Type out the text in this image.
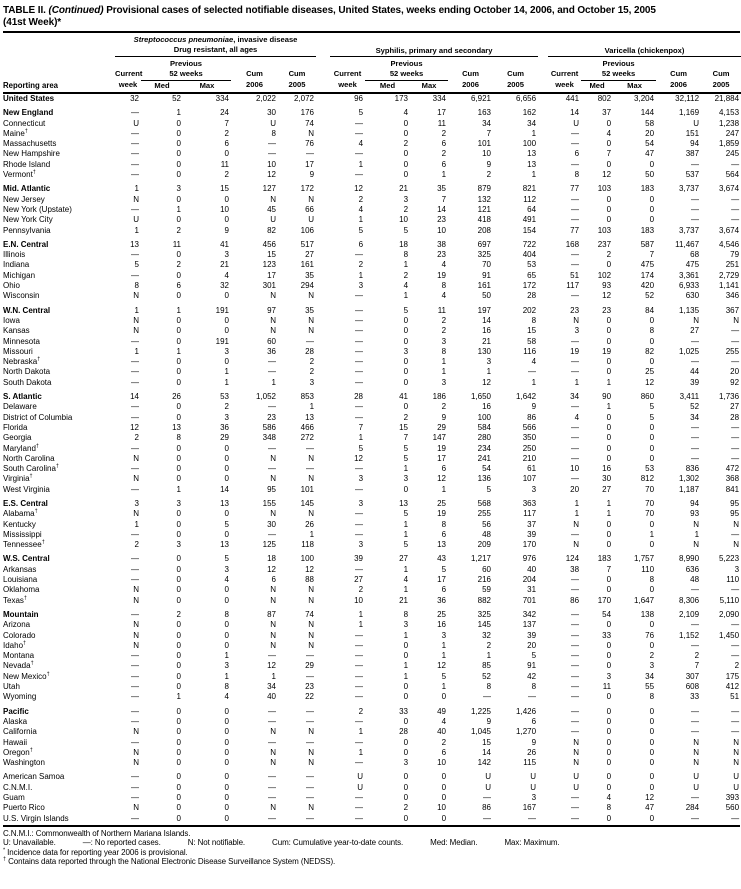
TABLE II. (Continued) Provisional cases of selected notifiable diseases, United States, weeks ending October 14, 2006, and October 15, 2005
(41st Week)*

	Streptococcus pneumoniae, invasive disease
Drug resistant, all ages						Syphilis, primary and secondary						Varicella (chickenpox)				
		Previous						Previous						Previous			
	Current	52 weeks		Cum	Cum		Current	52 weeks		Cum	Cum		Current	52 weeks		Cum	Cum
Reporting area	week	Med	Max	2006	2005		week	Med	Max	2006	2005		week	Med	Max	2006	2005
United States	32	52	334	2,022	2,072		96	173	334	6,921	6,656		441	802	3,204	32,112	21,884
New England	—	1	24	30	176		5	4	17	163	162		14	37	144	1,169	4,153
Connecticut	U	0	7	U	74		—	0	11	34	34		U	0	58	U	1,238
Maine†	—	0	2	8	N		—	0	2	7	1		—	4	20	151	247
Massachusetts	—	0	6	—	76		4	2	6	101	100		—	0	54	94	1,859
New Hampshire	—	0	0	—	—		—	0	2	10	13		6	7	47	387	245
Rhode Island	—	0	11	10	17		1	0	6	9	13		—	0	0	—	—
Vermont†	—	0	2	12	9		—	0	1	2	1		8	12	50	537	564
Mid. Atlantic	1	3	15	127	172		12	21	35	879	821		77	103	183	3,737	3,674
New Jersey	N	0	0	N	N		2	3	7	132	112		—	0	0	—	—
New York (Upstate)	—	1	10	45	66		4	2	14	121	64		—	0	0	—	—
New York City	U	0	0	U	U		1	10	23	418	491		—	0	0	—	—
Pennsylvania	1	2	9	82	106		5	5	10	208	154		77	103	183	3,737	3,674
E.N. Central	13	11	41	456	517		6	18	38	697	722		168	237	587	11,467	4,546
Illinois	—	0	3	15	27		—	8	23	325	404		—	2	7	68	79
Indiana	5	2	21	123	161		2	1	4	70	53		—	0	475	475	251
Michigan	—	0	4	17	35		1	2	19	91	65		51	102	174	3,361	2,729
Ohio	8	6	32	301	294		3	4	8	161	172		117	93	420	6,933	1,141
Wisconsin	N	0	0	N	N		—	1	4	50	28		—	12	52	630	346
W.N. Central	1	1	191	97	35		—	5	11	197	202		23	23	84	1,135	367
Iowa	N	0	0	N	N		—	0	2	14	8		N	0	0	N	N
Kansas	N	0	0	N	N		—	0	2	16	15		3	0	8	27	—
Minnesota	—	0	191	60	—		—	0	3	21	58		—	0	0	—	—
Missouri	1	1	3	36	28		—	3	8	130	116		19	19	82	1,025	255
Nebraska†	—	0	0	—	2		—	0	1	3	4		—	0	0	—	—
North Dakota	—	0	1	—	2		—	0	1	1	—		—	0	25	44	20
South Dakota	—	0	1	1	3		—	0	3	12	1		1	1	12	39	92
S. Atlantic	14	26	53	1,052	853		28	41	186	1,650	1,642		34	90	860	3,411	1,736
Delaware	—	0	2	—	1		—	0	2	16	9		—	1	5	52	27
District of Columbia	—	0	3	23	13		—	2	9	100	86		4	0	5	34	28
Florida	12	13	36	586	466		7	15	29	584	566		—	0	0	—	—
Georgia	2	8	29	348	272		1	7	147	280	350		—	0	0	—	—
Maryland†	—	0	0	—	—		5	5	19	234	250		—	0	0	—	—
North Carolina	N	0	0	N	N		12	5	17	241	210		—	0	0	—	—
South Carolina†	—	0	0	—	—		—	1	6	54	61		10	16	53	836	472
Virginia†	N	0	0	N	N		3	3	12	136	107		—	30	812	1,302	368
West Virginia	—	1	14	95	101		—	0	1	5	3		20	27	70	1,187	841
E.S. Central	3	3	13	155	145		3	13	25	568	363		1	1	70	94	95
Alabama†	N	0	0	N	N		—	5	19	255	117		1	1	70	93	95
Kentucky	1	0	5	30	26		—	1	8	56	37		N	0	0	N	N
Mississippi	—	0	0	—	1		—	1	6	48	39		—	0	1	1	—
Tennessee†	2	3	13	125	118		3	5	13	209	170		N	0	0	N	N
W.S. Central	—	0	5	18	100		39	27	43	1,217	976		124	183	1,757	8,990	5,223
Arkansas	—	0	3	12	12		—	1	5	60	40		38	7	110	636	3
Louisiana	—	0	4	6	88		27	4	17	216	204		—	0	8	48	110
Oklahoma	N	0	0	N	N		2	1	6	59	31		—	0	0	—	—
Texas†	N	0	0	N	N		10	21	36	882	701		86	170	1,647	8,306	5,110
Mountain	—	2	8	87	74		1	8	25	325	342		—	54	138	2,109	2,090
Arizona	N	0	0	N	N		1	3	16	145	137		—	0	0	—	—
Colorado	N	0	0	N	N		—	1	3	32	39		—	33	76	1,152	1,450
Idaho†	N	0	0	N	N		—	0	1	2	20		—	0	0	—	—
Montana	—	0	1	—	—		—	0	1	1	5		—	0	2	2	—
Nevada†	—	0	3	12	29		—	1	12	85	91		—	0	3	7	2
New Mexico†	—	0	1	1	—		—	1	5	52	42		—	3	34	307	175
Utah	—	0	8	34	23		—	0	1	8	8		—	11	55	608	412
Wyoming	—	1	4	40	22		—	0	0	—	—		—	0	8	33	51
Pacific	—	0	0	—	—		2	33	49	1,225	1,426		—	0	0	—	—
Alaska	—	0	0	—	—		—	0	4	9	6		—	0	0	—	—
California	N	0	0	N	N		1	28	40	1,045	1,270		—	0	0	—	—
Hawaii	—	0	0	—	—		—	0	2	15	9		N	0	0	N	N
Oregon†	N	0	0	N	N		1	0	6	14	26		N	0	0	N	N
Washington	N	0	0	N	N		—	3	10	142	115		N	0	0	N	N
American Samoa	—	0	0	—	—		U	0	0	U	U		U	0	0	U	U
C.N.M.I.	—	0	0	—	—		U	0	0	U	U		U	0	0	U	U
Guam	—	0	0	—	—		—	0	0	—	3		—	4	12	—	393
Puerto Rico	N	0	0	N	N		—	2	10	86	167		—	8	47	284	560
U.S. Virgin Islands	—	0	0	—	—		—	0	0	—	—		—	0	0	—	—
C.N.M.I.: Commonwealth of Northern Mariana Islands.
U: Unavailable.	—: No reported cases.	N: Not notifiable.	Cum: Cumulative year-to-date counts.	Med: Median.	Max: Maximum.
* Incidence data for reporting year 2006 is provisional.
† Contains data reported through the National Electronic Disease Surveillance System (NEDSS).
